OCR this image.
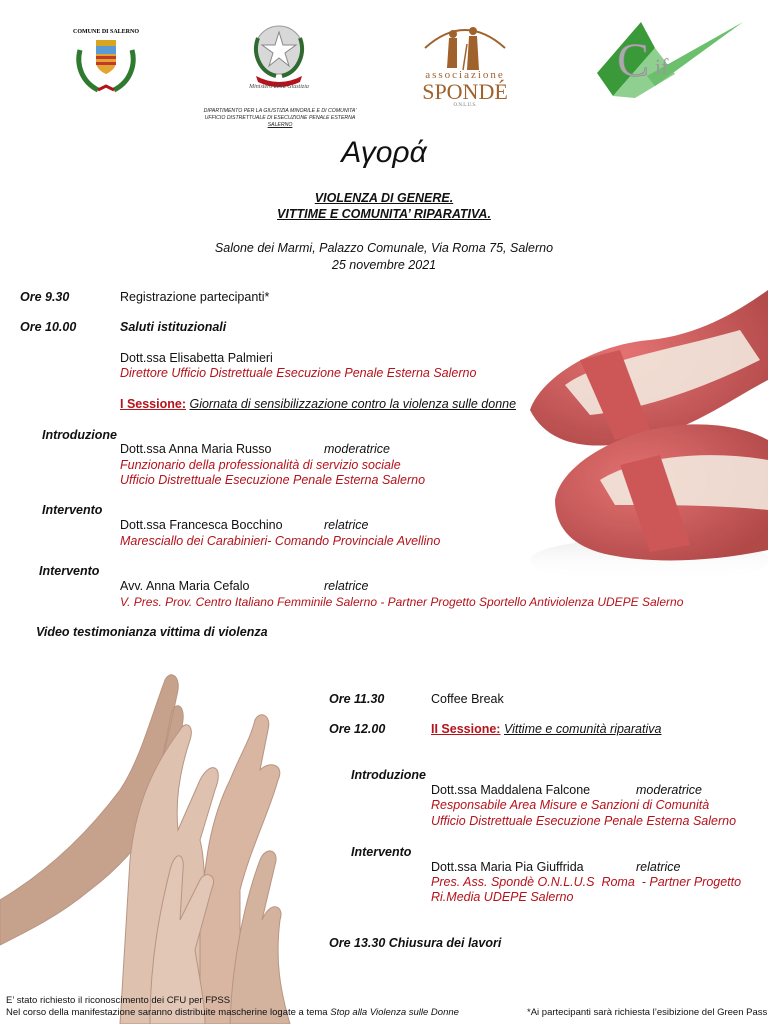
COMUNE DI SALERNO
Ministero della Giustizia
DIPARTIMENTO PER LA GIUSTIZIA MINORILE E DI COMUNITA'
UFFICIO DISTRETTUALE DI ESECUZIONE PENALE ESTERNA
SALERNO
associazione
SPONDÉ
O.N.L.U.S.
C if
Αγορά
VIOLENZA DI GENERE.
VITTIME E COMUNITA’ RIPARATIVA.
Salone dei Marmi, Palazzo Comunale, Via Roma 75, Salerno
25 novembre 2021
Ore 9.30	Registrazione partecipanti*
Ore 10.00	Saluti istituzionali
Dott.ssa Elisabetta Palmieri
Direttore Ufficio Distrettuale Esecuzione Penale Esterna Salerno
I Sessione: Giornata di sensibilizzazione contro la violenza sulle donne
Introduzione
Dott.ssa Anna Maria Russo	moderatrice
Funzionario della professionalità di servizio sociale
Ufficio Distrettuale Esecuzione Penale Esterna Salerno
Intervento
Dott.ssa Francesca Bocchino	relatrice
Maresciallo dei Carabinieri- Comando Provinciale Avellino
Intervento
Avv. Anna Maria Cefalo	relatrice
V. Pres. Prov. Centro Italiano Femminile Salerno - Partner Progetto Sportello Antiviolenza UDEPE Salerno
Video testimonianza vittima di violenza
Ore 11.30	Coffee Break
Ore 12.00	II Sessione: Vittime e comunità riparativa
Introduzione
Dott.ssa Maddalena Falcone	moderatrice
Responsabile Area Misure e Sanzioni di Comunità
Ufficio Distrettuale Esecuzione Penale Esterna Salerno
Intervento
Dott.ssa Maria Pia Giuffrida	relatrice
Pres. Ass. Spondè O.N.L.U.S  Roma  - Partner Progetto
Ri.Media UDEPE Salerno
Ore 13.30 Chiusura dei lavori
E’ stato richiesto il riconoscimento dei CFU per FPSS
Nel corso della manifestazione saranno distribuite mascherine logate a tema Stop alla Violenza sulle Donne	*Ai partecipanti sarà richiesta l’esibizione del Green Pass
